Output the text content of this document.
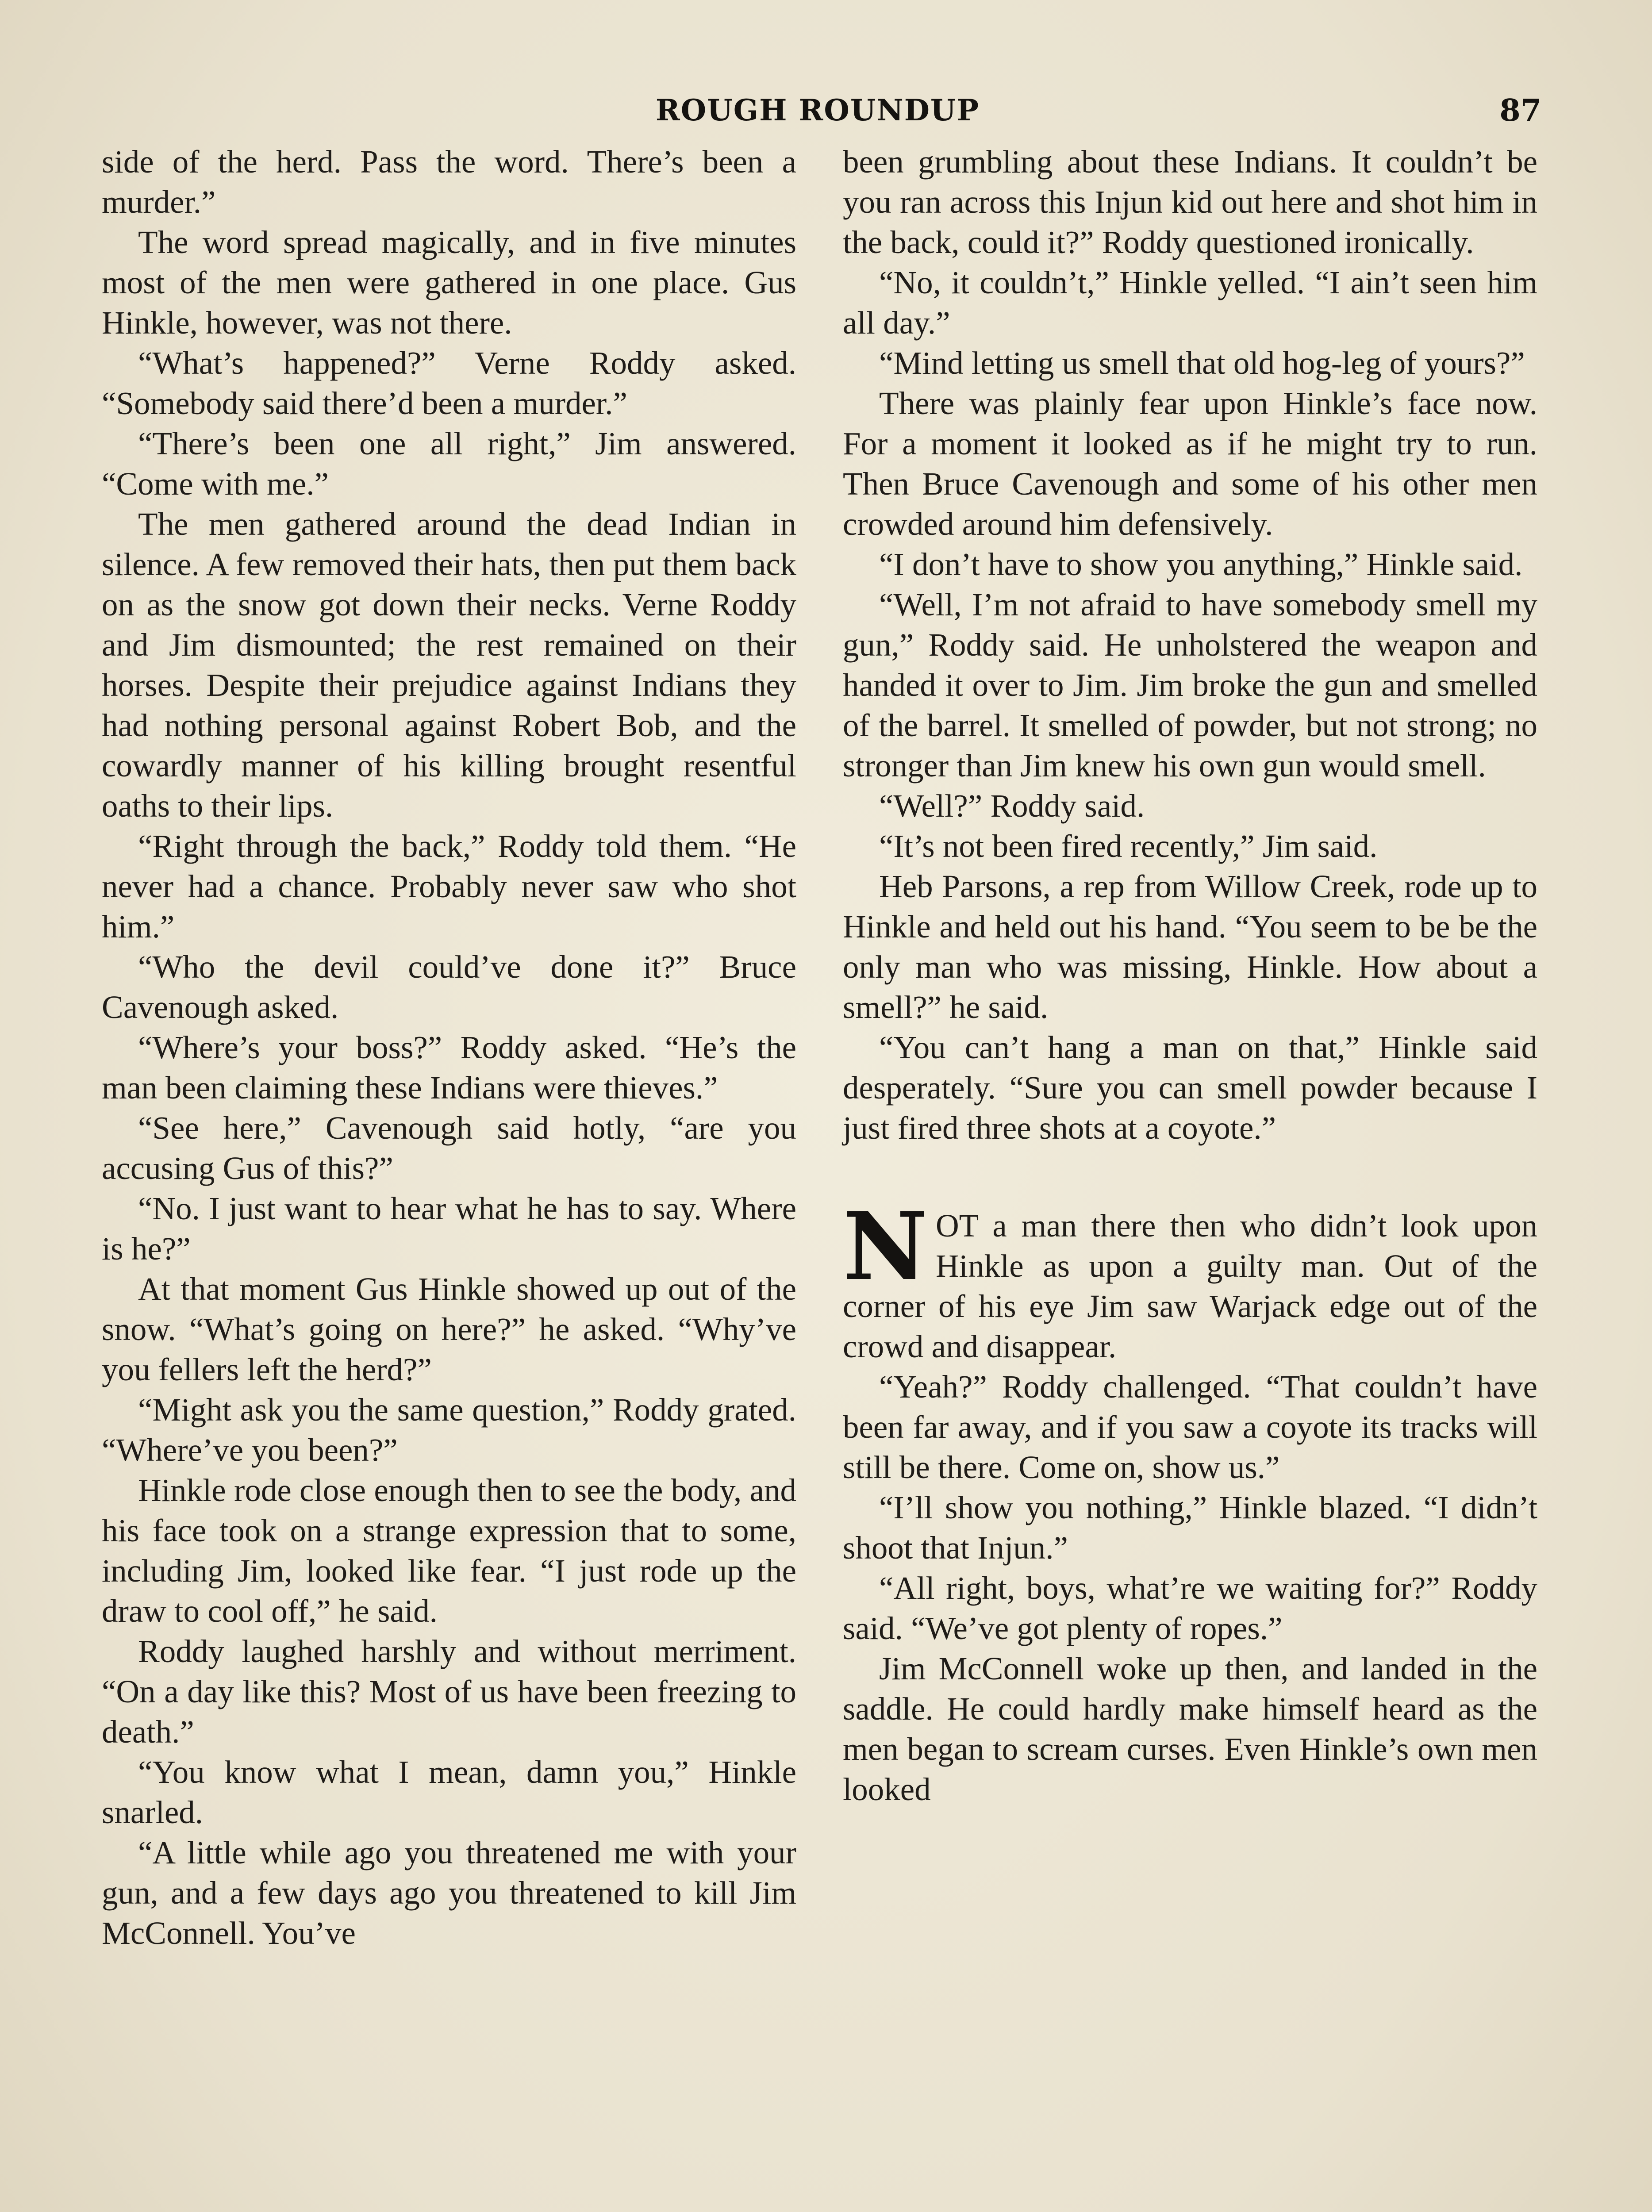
ROUGH ROUNDUP	87

side of the herd. Pass the word. There’s been a murder.”

The word spread magically, and in five minutes most of the men were gathered in one place. Gus Hinkle, however, was not there.

“What’s happened?” Verne Roddy asked. “Somebody said there’d been a murder.”

“There’s been one all right,” Jim answered. “Come with me.”

The men gathered around the dead Indian in silence. A few removed their hats, then put them back on as the snow got down their necks. Verne Roddy and Jim dismounted; the rest remained on their horses. Despite their prejudice against Indians they had nothing personal against Robert Bob, and the cowardly manner of his killing brought resentful oaths to their lips.

“Right through the back,” Roddy told them. “He never had a chance. Probably never saw who shot him.”

“Who the devil could’ve done it?” Bruce Cavenough asked.

“Where’s your boss?” Roddy asked. “He’s the man been claiming these Indians were thieves.”

“See here,” Cavenough said hotly, “are you accusing Gus of this?”

“No. I just want to hear what he has to say. Where is he?”

At that moment Gus Hinkle showed up out of the snow. “What’s going on here?” he asked. “Why’ve you fellers left the herd?”

“Might ask you the same question,” Roddy grated. “Where’ve you been?”

Hinkle rode close enough then to see the body, and his face took on a strange expression that to some, including Jim, looked like fear. “I just rode up the draw to cool off,” he said.

Roddy laughed harshly and without merriment. “On a day like this? Most of us have been freezing to death.”

“You know what I mean, damn you,” Hinkle snarled.

“A little while ago you threatened me with your gun, and a few days ago you threatened to kill Jim McConnell. You’ve

been grumbling about these Indians. It couldn’t be you ran across this Injun kid out here and shot him in the back, could it?” Roddy questioned ironically.

“No, it couldn’t,” Hinkle yelled. “I ain’t seen him all day.”

“Mind letting us smell that old hog-leg of yours?”

There was plainly fear upon Hinkle’s face now. For a moment it looked as if he might try to run. Then Bruce Cavenough and some of his other men crowded around him defensively.

“I don’t have to show you anything,” Hinkle said.

“Well, I’m not afraid to have somebody smell my gun,” Roddy said. He unholstered the weapon and handed it over to Jim. Jim broke the gun and smelled of the barrel. It smelled of powder, but not strong; no stronger than Jim knew his own gun would smell.

“Well?” Roddy said.

“It’s not been fired recently,” Jim said.

Heb Parsons, a rep from Willow Creek, rode up to Hinkle and held out his hand. “You seem to be be the only man who was missing, Hinkle. How about a smell?” he said.

“You can’t hang a man on that,” Hinkle said desperately. “Sure you can smell powder because I just fired three shots at a coyote.”

NOT a man there then who didn’t look upon Hinkle as upon a guilty man. Out of the corner of his eye Jim saw Warjack edge out of the crowd and disappear.

“Yeah?” Roddy challenged. “That couldn’t have been far away, and if you saw a coyote its tracks will still be there. Come on, show us.”

“I’ll show you nothing,” Hinkle blazed. “I didn’t shoot that Injun.”

“All right, boys, what’re we waiting for?” Roddy said. “We’ve got plenty of ropes.”

Jim McConnell woke up then, and landed in the saddle. He could hardly make himself heard as the men began to scream curses. Even Hinkle’s own men looked
